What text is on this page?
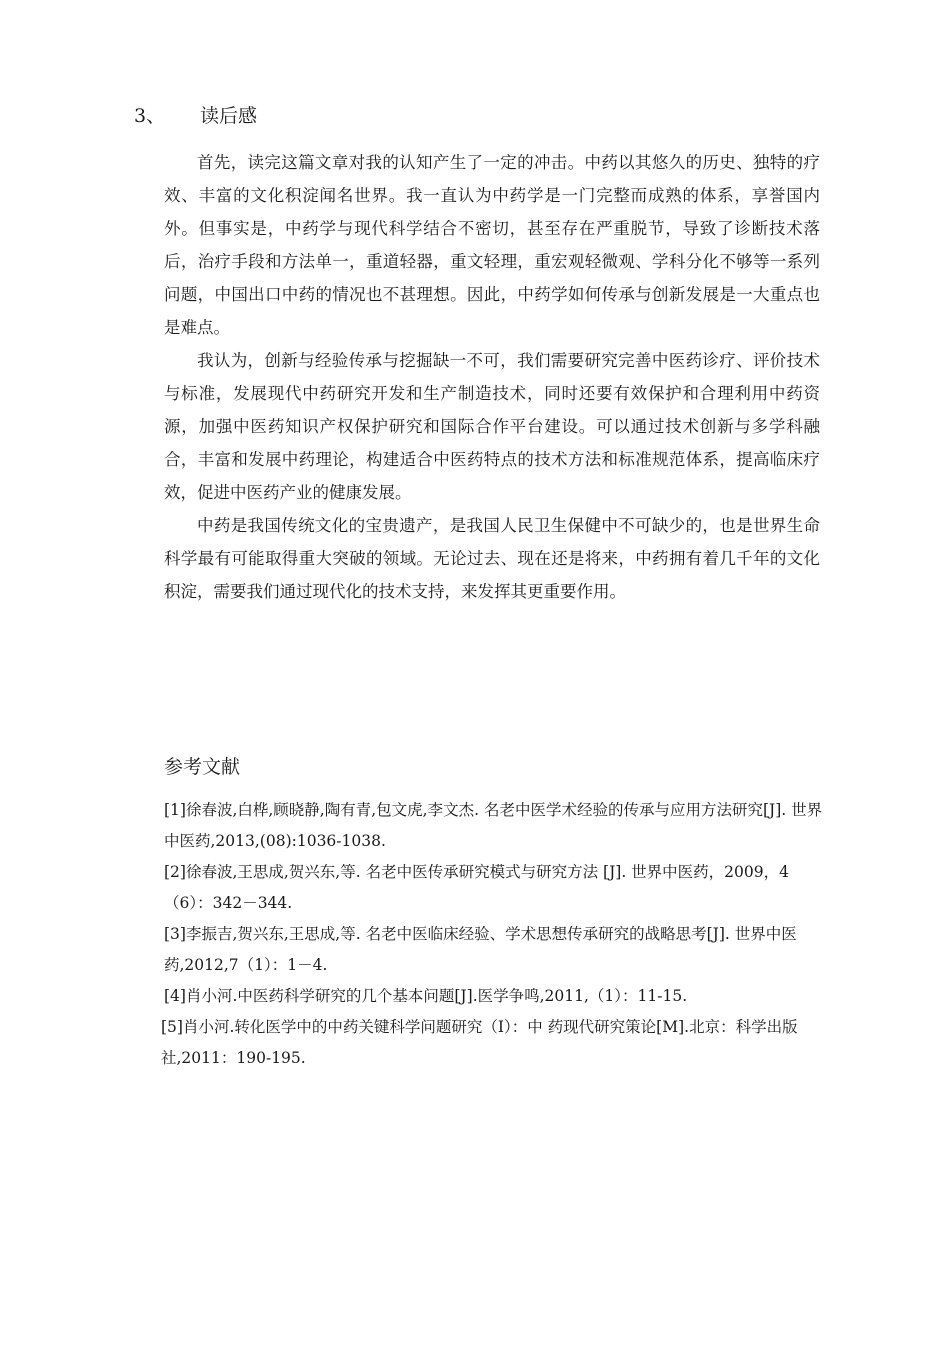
3、 读后感

首先，读完这篇文章对我的认知产生了一定的冲击。中药以其悠久的历史、独特的疗效、丰富的文化积淀闻名世界。我一直认为中药学是一门完整而成熟的体系，享誉国内外。但事实是，中药学与现代科学结合不密切，甚至存在严重脱节，导致了诊断技术落后，治疗手段和方法单一，重道轻器，重文轻理，重宏观轻微观、学科分化不够等一系列问题，中国出口中药的情况也不甚理想。因此，中药学如何传承与创新发展是一大重点也是难点。

我认为，创新与经验传承与挖掘缺一不可，我们需要研究完善中医药诊疗、评价技术与标准，发展现代中药研究开发和生产制造技术，同时还要有效保护和合理利用中药资源，加强中医药知识产权保护研究和国际合作平台建设。可以通过技术创新与多学科融合，丰富和发展中药理论，构建适合中医药特点的技术方法和标准规范体系，提高临床疗效，促进中医药产业的健康发展。

中药是我国传统文化的宝贵遗产，是我国人民卫生保健中不可缺少的，也是世界生命科学最有可能取得重大突破的领域。无论过去、现在还是将来，中药拥有着几千年的文化积淀，需要我们通过现代化的技术支持，来发挥其更重要作用。

参考文献

[1]徐春波,白桦,顾晓静,陶有青,包文虎,李文杰. 名老中医学术经验的传承与应用方法研究[J]. 世界中医药,2013,(08):1036-1038.

[2]徐春波,王思成,贺兴东,等. 名老中医传承研究模式与研究方法 [J]. 世界中医药，2009，4（6）：342－344.

[3]李振吉,贺兴东,王思成,等. 名老中医临床经验、学术思想传承研究的战略思考[J]. 世界中医药,2012,7（1）：1－4.

[4]肖小河.中医药科学研究的几个基本问题[J].医学争鸣,2011,（1）：11-15.

[5]肖小河.转化医学中的中药关键科学问题研究（I）：中 药现代研究策论[M].北京：科学出版社,2011：190-195.
